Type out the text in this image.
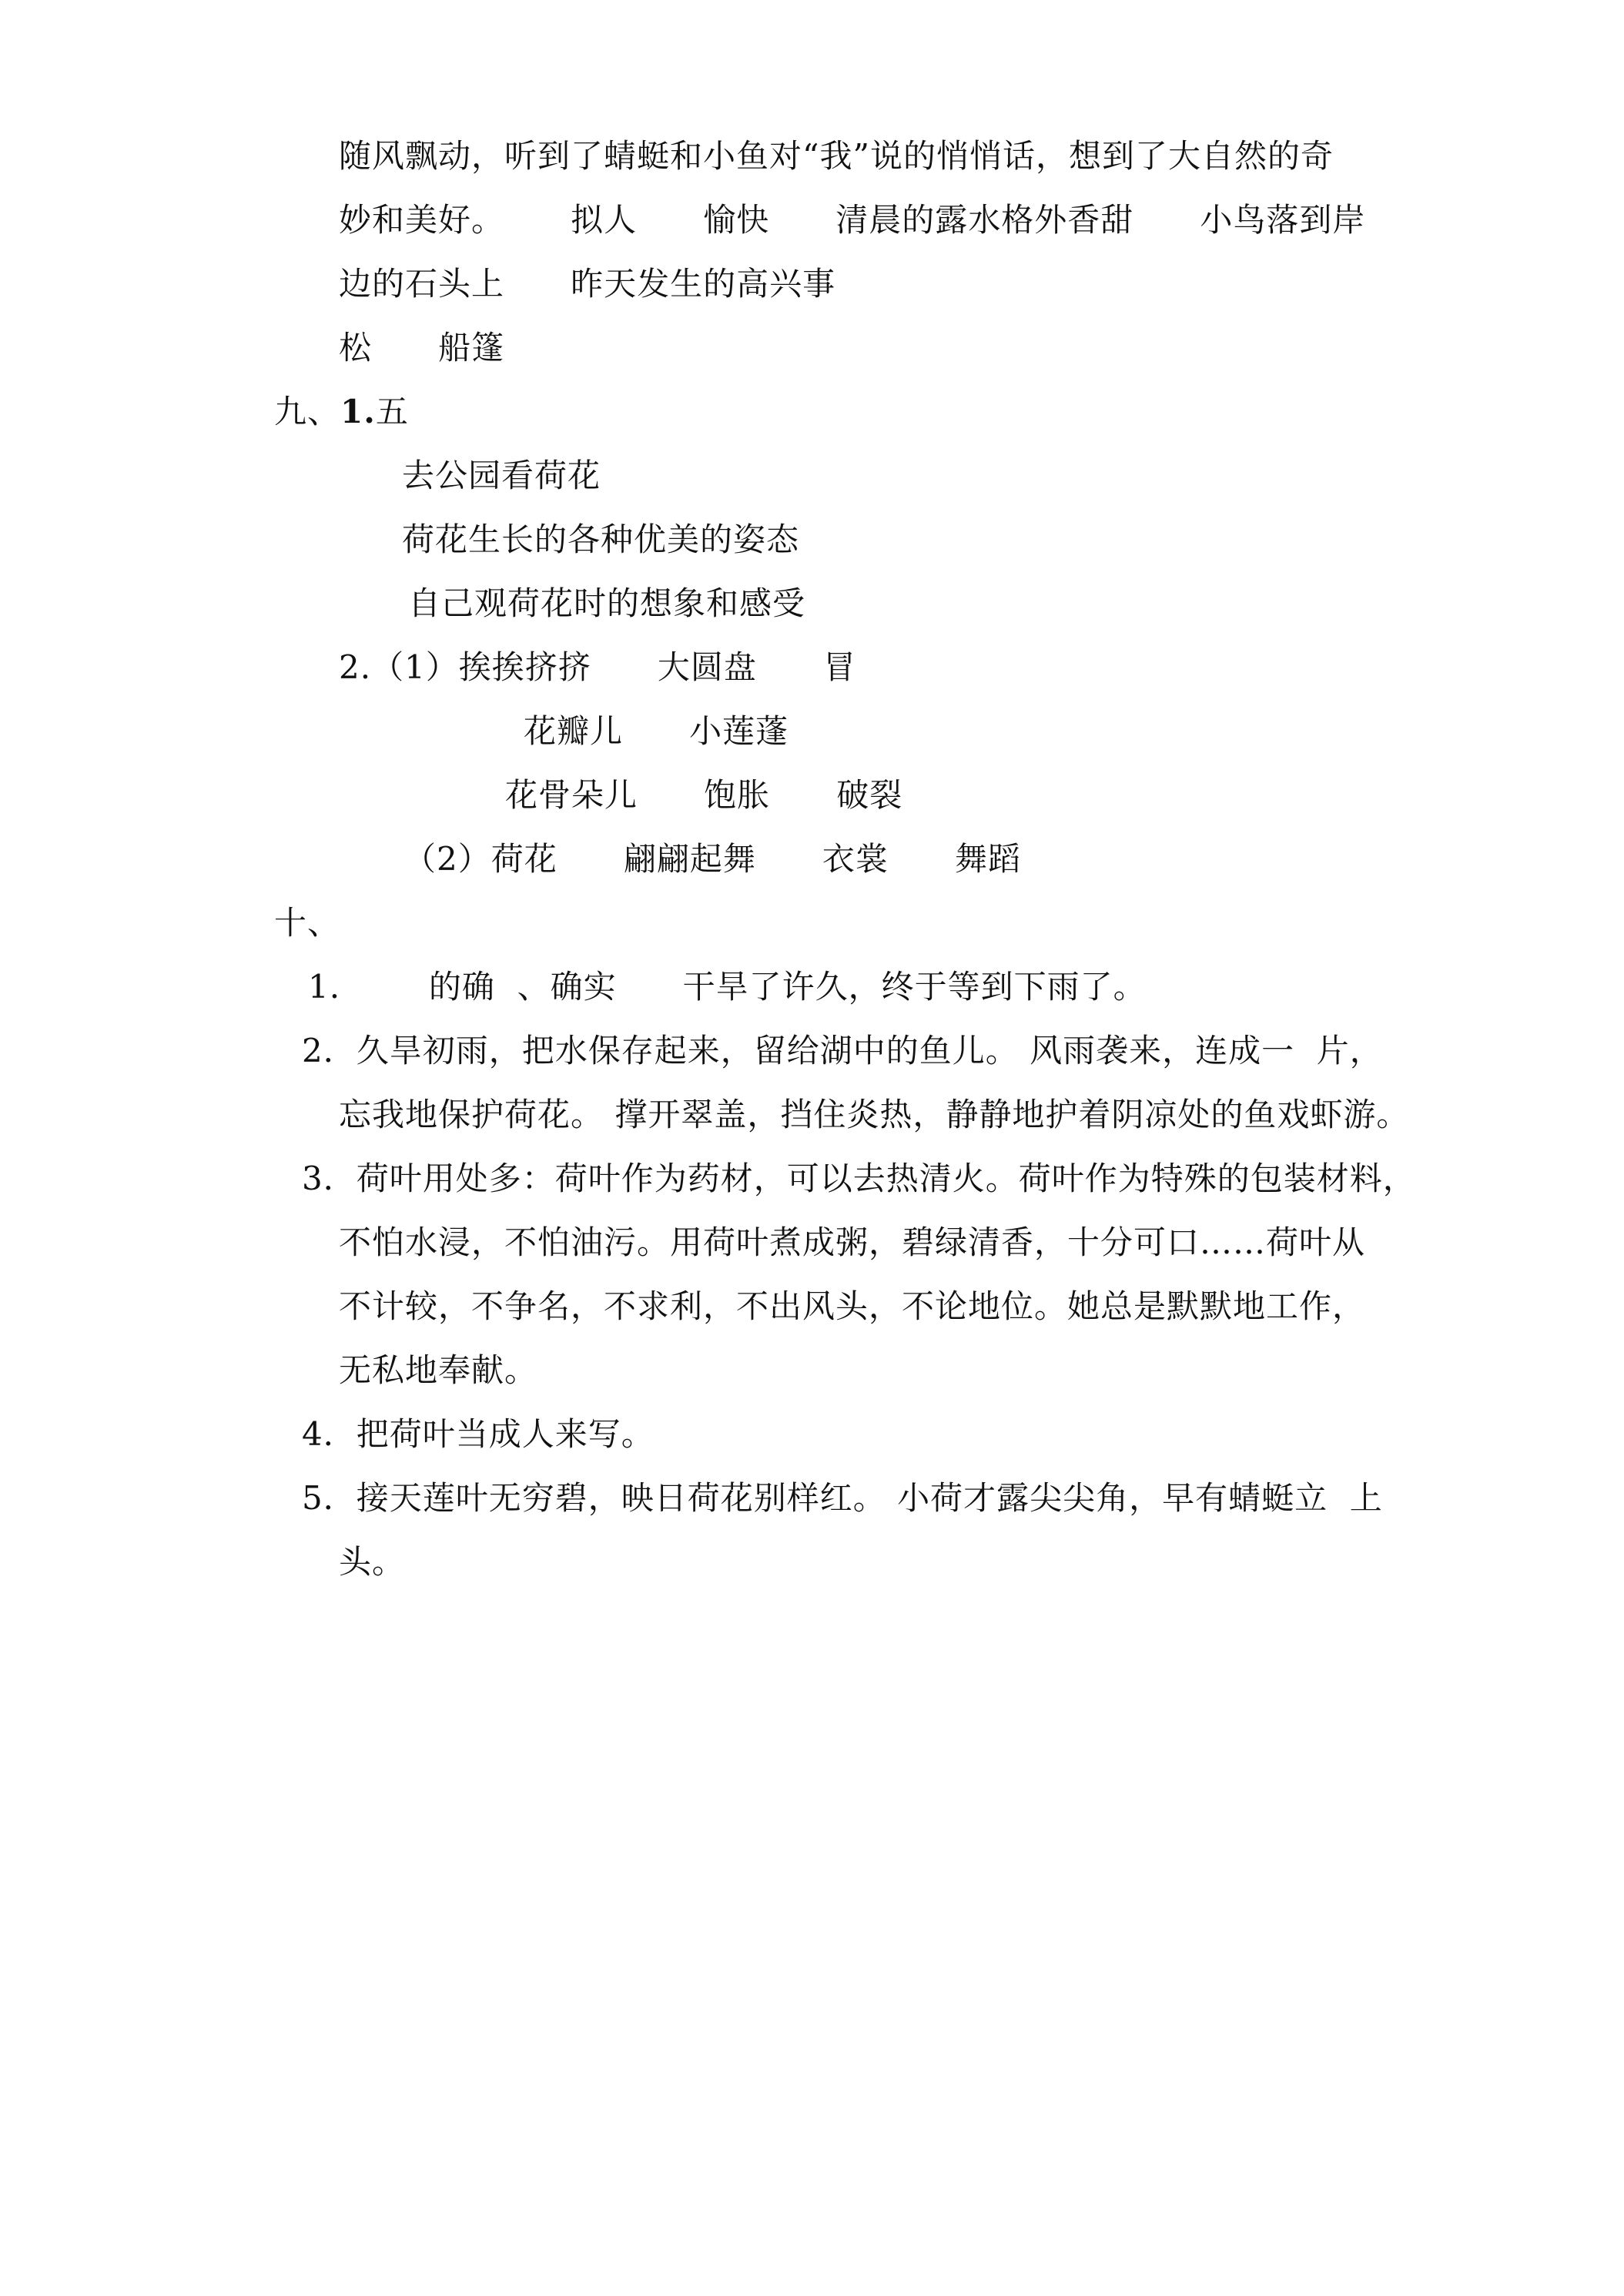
随风飘动，听到了蜻蜓和小鱼对“我”说的悄悄话，想到了大自然的奇
妙和美好。      拟人      愉快      清晨的露水格外香甜      小鸟落到岸
边的石头上      昨天发生的高兴事
松      船篷
九、1.五
去公园看荷花
荷花生长的各种优美的姿态
自己观荷花时的想象和感受
2.（1）挨挨挤挤      大圆盘      冒
花瓣儿      小莲蓬
花骨朵儿      饱胀      破裂
（2）荷花      翩翩起舞      衣裳      舞蹈
十、
1.        的确  、确实      干旱了许久，终于等到下雨了。
2．久旱初雨，把水保存起来，留给湖中的鱼儿。 风雨袭来，连成一  片，
忘我地保护荷花。 撑开翠盖，挡住炎热，静静地护着阴凉处的鱼戏虾游。
3．荷叶用处多：荷叶作为药材，可以去热清火。荷叶作为特殊的包装材料，
不怕水浸，不怕油污。用荷叶煮成粥，碧绿清香，十分可口……荷叶从
不计较，不争名，不求利，不出风头，不论地位。她总是默默地工作，
无私地奉献。
4．把荷叶当成人来写。
5．接天莲叶无穷碧，映日荷花别样红。 小荷才露尖尖角，早有蜻蜓立  上
头。
